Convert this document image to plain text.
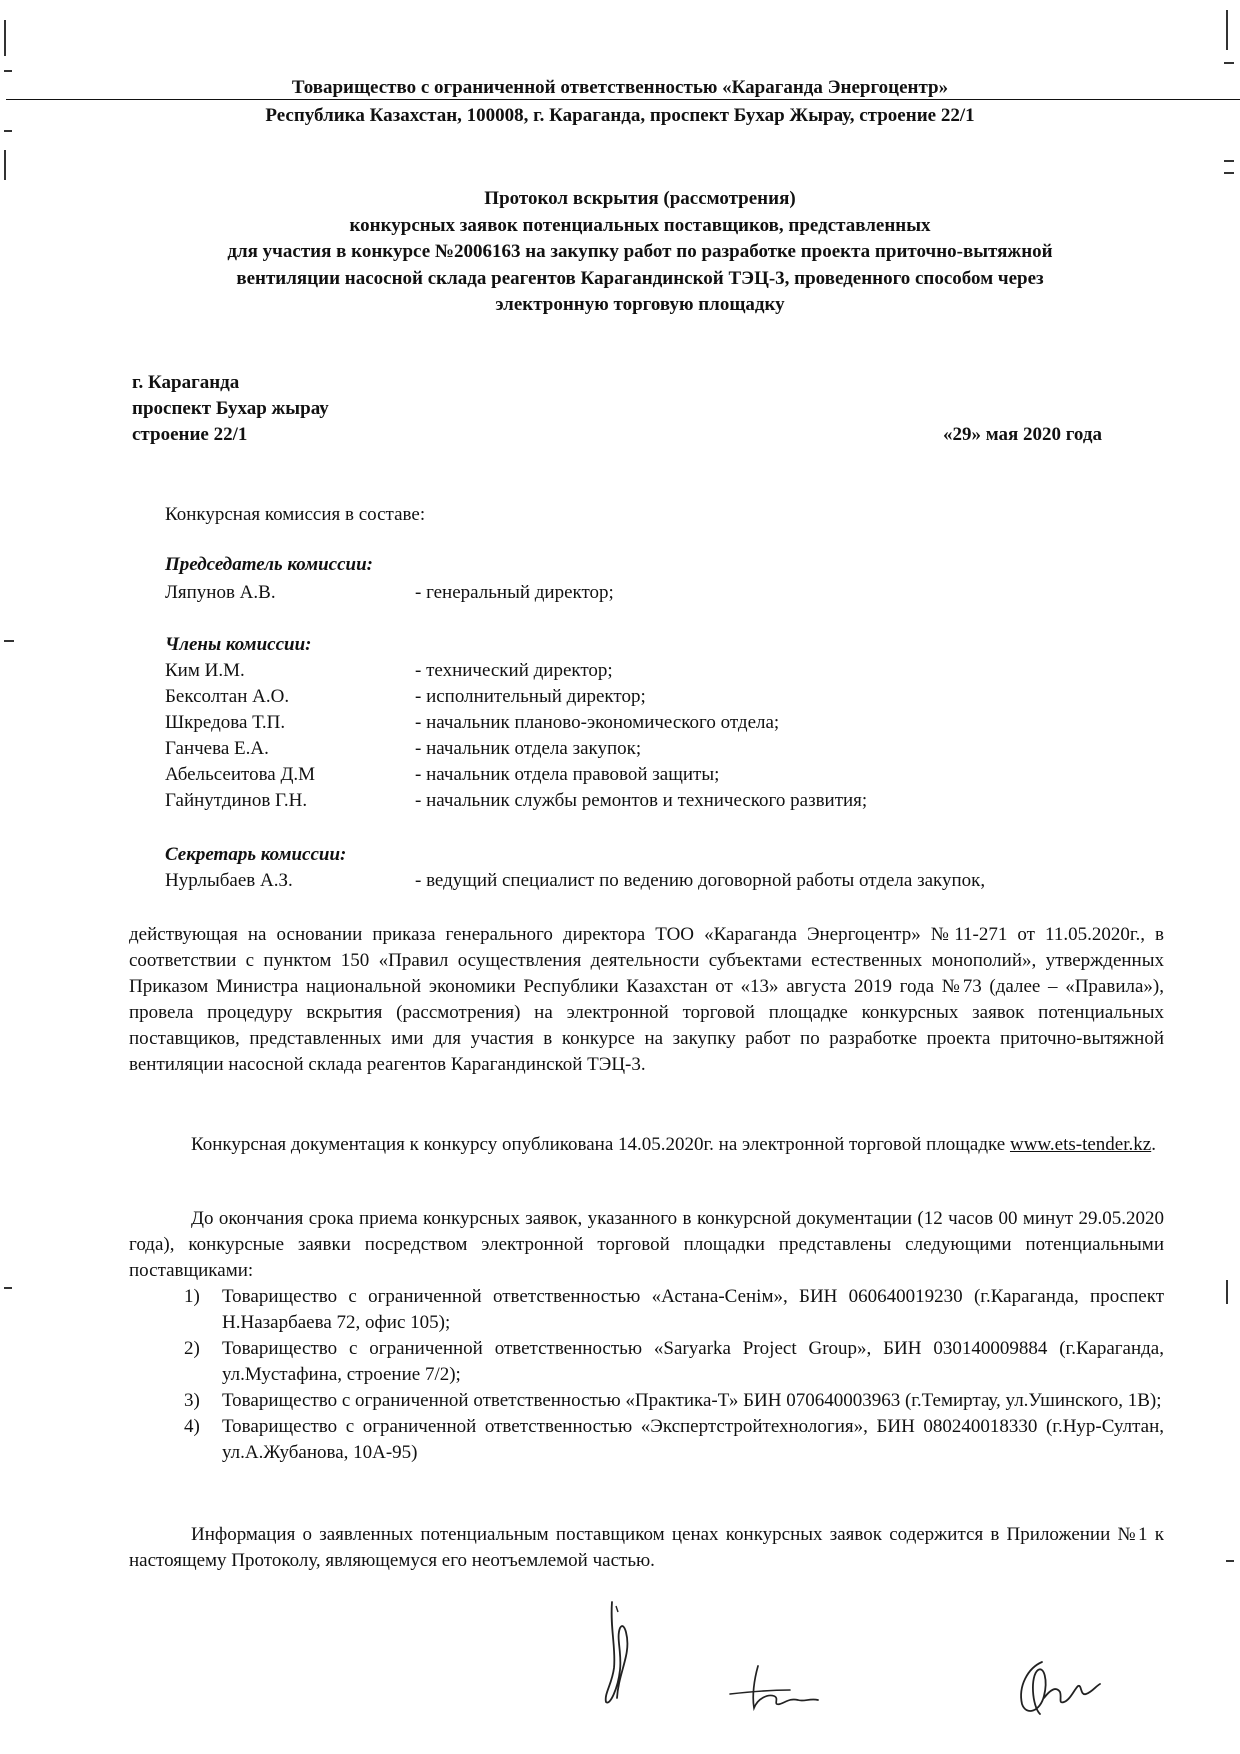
Товарищество с ограниченной ответственностью «Караганда Энергоцентр»
Республика Казахстан, 100008, г. Караганда, проспект Бухар Жырау, строение 22/1
Протокол вскрытия (рассмотрения)
конкурсных заявок потенциальных поставщиков, представленных
для участия в конкурсе №2006163 на закупку работ по разработке проекта приточно-вытяжной
вентиляции насосной склада реагентов Карагандинской ТЭЦ-3, проведенного способом через
электронную торговую площадку
г. Караганда
проспект Бухар жырау
строение 22/1	«29» мая 2020 года
Конкурсная комиссия в составе:
Председатель комиссии:
Ляпунов А.В.	- генеральный директор;
Члены комиссии:
Ким И.М.	- технический директор;
Бексолтан А.О.	- исполнительный директор;
Шкредова Т.П.	- начальник планово-экономического отдела;
Ганчева Е.А.	- начальник отдела закупок;
Абельсеитова Д.М	- начальник отдела правовой защиты;
Гайнутдинов Г.Н.	- начальник службы ремонтов и технического развития;
Секретарь комиссии:
Нурлыбаев А.З.	- ведущий специалист по ведению договорной работы отдела закупок,
действующая на основании приказа генерального директора ТОО «Караганда Энергоцентр» №11-271 от 11.05.2020г., в соответствии с пунктом 150 «Правил осуществления деятельности субъектами естественных монополий», утвержденных Приказом Министра национальной экономики Республики Казахстан от «13» августа 2019 года №73 (далее – «Правила»), провела процедуру вскрытия (рассмотрения) на электронной торговой площадке конкурсных заявок потенциальных поставщиков, представленных ими для участия в конкурсе на закупку работ по разработке проекта приточно-вытяжной вентиляции насосной склада реагентов Карагандинской ТЭЦ-3.
Конкурсная документация к конкурсу опубликована 14.05.2020г. на электронной торговой площадке www.ets-tender.kz.
До окончания срока приема конкурсных заявок, указанного в конкурсной документации (12 часов 00 минут 29.05.2020 года), конкурсные заявки посредством электронной торговой площадки представлены следующими потенциальными поставщиками:
1) Товарищество с ограниченной ответственностью «Астана-Сенiм», БИН 060640019230 (г.Караганда, проспект Н.Назарбаева 72, офис 105);
2) Товарищество с ограниченной ответственностью «Saryarka Project Group», БИН 030140009884 (г.Караганда, ул.Мустафина, строение 7/2);
3) Товарищество с ограниченной ответственностью «Практика-Т» БИН 070640003963 (г.Темиртау, ул.Ушинского, 1В);
4) Товарищество с ограниченной ответственностью «Экспертстройтехнология», БИН 080240018330 (г.Нур-Султан, ул.А.Жубанова, 10А-95)
Информация о заявленных потенциальным поставщиком ценах конкурсных заявок содержится в Приложении №1 к настоящему Протоколу, являющемуся его неотъемлемой частью.
